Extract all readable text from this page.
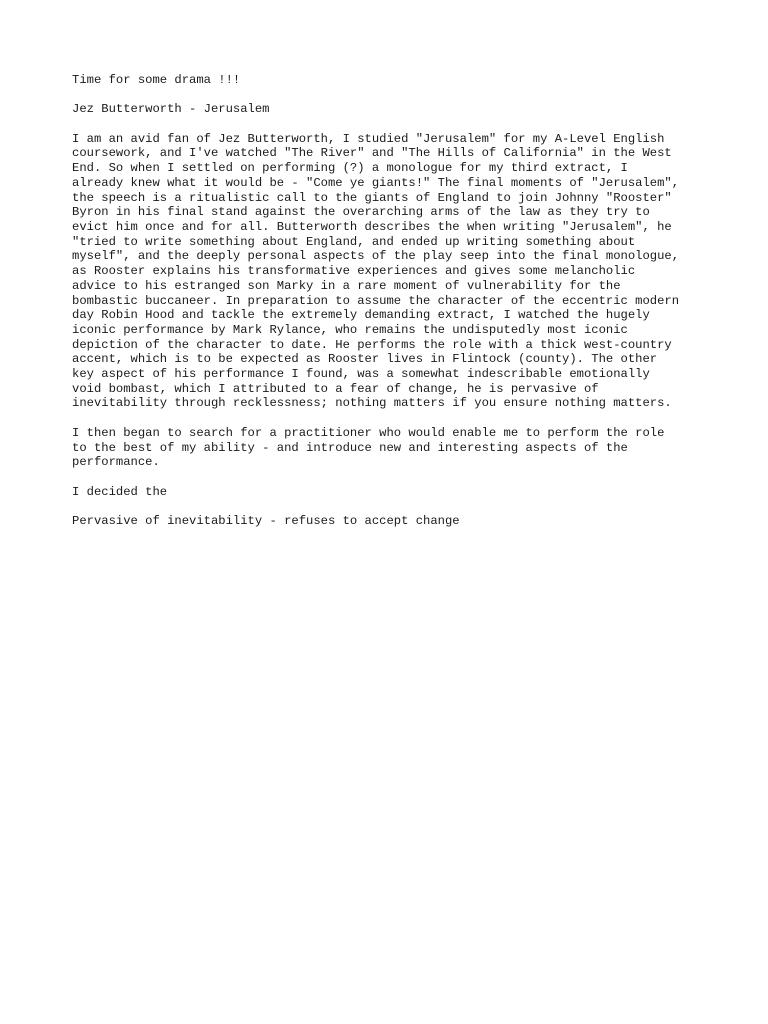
Time for some drama !!!

Jez Butterworth - Jerusalem

I am an avid fan of Jez Butterworth, I studied "Jerusalem" for my A-Level English
coursework, and I've watched "The River" and "The Hills of California" in the West
End. So when I settled on performing (?) a monologue for my third extract, I
already knew what it would be - "Come ye giants!" The final moments of "Jerusalem",
the speech is a ritualistic call to the giants of England to join Johnny "Rooster"
Byron in his final stand against the overarching arms of the law as they try to
evict him once and for all. Butterworth describes the when writing "Jerusalem", he
"tried to write something about England, and ended up writing something about
myself", and the deeply personal aspects of the play seep into the final monologue,
as Rooster explains his transformative experiences and gives some melancholic
advice to his estranged son Marky in a rare moment of vulnerability for the
bombastic buccaneer. In preparation to assume the character of the eccentric modern
day Robin Hood and tackle the extremely demanding extract, I watched the hugely
iconic performance by Mark Rylance, who remains the undisputedly most iconic
depiction of the character to date. He performs the role with a thick west-country
accent, which is to be expected as Rooster lives in Flintock (county). The other
key aspect of his performance I found, was a somewhat indescribable emotionally
void bombast, which I attributed to a fear of change, he is pervasive of
inevitability through recklessness; nothing matters if you ensure nothing matters.

I then began to search for a practitioner who would enable me to perform the role
to the best of my ability - and introduce new and interesting aspects of the
performance.

I decided the

Pervasive of inevitability - refuses to accept change
